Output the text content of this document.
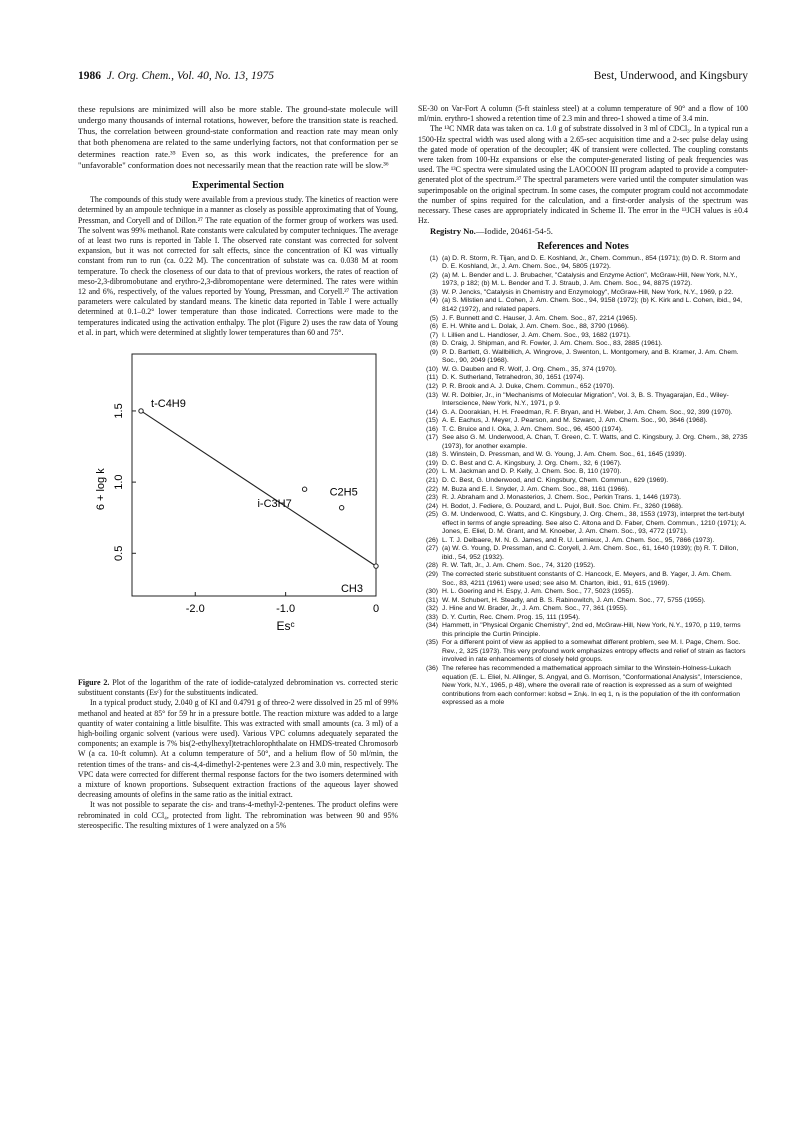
1986 J. Org. Chem., Vol. 40, No. 13, 1975	Best, Underwood, and Kingsbury

these repulsions are minimized will also be more stable. The ground-state molecule will undergo many thousands of internal rotations, however, before the transition state is reached. Thus, the correlation between ground-state conformation and reaction rate may mean only that both phenomena are related to the same underlying factors, not that conformation per se determines reaction rate.³⁵ Even so, as this work indicates, the preference for an "unfavorable" conformation does not necessarily mean that the reaction rate will be slow.³⁶

Experimental Section

The compounds of this study were available from a previous study. The kinetics of reaction were determined by an ampoule technique in a manner as closely as possible approximating that of Young, Pressman, and Coryell and of Dillon.²⁷ The rate equation of the former group of workers was used. The solvent was 99% methanol. Rate constants were calculated by computer techniques. The average of at least two runs is reported in Table I. The observed rate constant was corrected for solvent expansion, but it was not corrected for salt effects, since the concentration of KI was virtually constant from run to run (ca. 0.22 M). The concentration of substate was ca. 0.038 M at room temperature. To check the closeness of our data to that of previous workers, the rates of reaction of meso-2,3-dibromobutane and erythro-2,3-dibromopentane were determined. The rates were within 12 and 6%, respectively, of the values reported by Young, Pressman, and Coryell.²⁷ The activation parameters were calculated by standard means. The kinetic data reported in Table I were actually determined at 0.1–0.2° lower temperature than those indicated. Corrections were made to the temperatures indicated using the activation enthalpy. The plot (Figure 2) uses the raw data of Young et al. in part, which were determined at slightly lower temperatures than 60 and 75°.

-2.0	-1.0	0
0.5
1.0
1.5
6 + log k
Esᶜ
t-C4H9
i-C3H7
C2H5
CH3

Figure 2. Plot of the logarithm of the rate of iodide-catalyzed debromination vs. corrected steric substituent constants (Esᶜ) for the substituents indicated.

In a typical product study, 2.040 g of KI and 0.4791 g of threo-2 were dissolved in 25 ml of 99% methanol and heated at 85° for 59 hr in a pressure bottle. The reaction mixture was added to a large quantity of water containing a little bisulfite. This was extracted with small amounts (ca. 3 ml) of a high-boiling organic solvent (various were used). Various VPC columns adequately separated the components; an example is 7% bis(2-ethylhexyl)tetrachlorophthalate on HMDS-treated Chromosorb W (a ca. 10-ft column). At a column temperature of 50°, and a helium flow of 50 ml/min, the retention times of the trans- and cis-4,4-dimethyl-2-pentenes were 2.3 and 3.0 min, respectively. The VPC data were corrected for different thermal response factors for the two isomers determined with a mixture of known proportions. Subsequent extraction fractions of the aqueous layer showed decreasing amounts of olefins in the same ratio as the initial extract.

It was not possible to separate the cis- and trans-4-methyl-2-pentenes. The product olefins were rebrominated in cold CCl₄, protected from light. The rebromination was between 90 and 95% stereospecific. The resulting mixtures of 1 were analyzed on a 5%

SE-30 on Var-Fort A column (5-ft stainless steel) at a column temperature of 90° and a flow of 100 ml/min. erythro-1 showed a retention time of 2.3 min and threo-1 showed a time of 3.4 min.

The ¹³C NMR data was taken on ca. 1.0 g of substrate dissolved in 3 ml of CDCl₃. In a typical run a 1500-Hz spectral width was used along with a 2.65-sec acquisition time and a 2-sec pulse delay using the gated mode of operation of the decoupler; 4K of transient were collected. The coupling constants were taken from 100-Hz expansions or else the computer-generated listing of peak frequencies was used. The ¹³C spectra were simulated using the LAOCOON III program adapted to provide a computer-generated plot of the spectrum.³⁷ The spectral parameters were varied until the computer simulation was superimposable on the original spectrum. In some cases, the computer program could not accommodate the number of spins required for the calculation, and a first-order analysis of the spectrum was necessary. These cases are appropriately indicated in Scheme II. The error in the ¹³JCH values is ±0.4 Hz.

Registry No.—Iodide, 20461-54-5.

References and Notes
(1) (a) D. R. Storm, R. Tijan, and D. E. Koshland, Jr., Chem. Commun., 854 (1971); (b) D. R. Storm and D. E. Koshland, Jr., J. Am. Chem. Soc., 94, 5805 (1972).
(2) (a) M. L. Bender and L. J. Brubacher, "Catalysis and Enzyme Action", McGraw-Hill, New York, N.Y., 1973, p 182; (b) M. L. Bender and T. J. Straub, J. Am. Chem. Soc., 94, 8875 (1972).
(3) W. P. Jencks, "Catalysis in Chemistry and Enzymology", McGraw-Hill, New York, N.Y., 1969, p 22.
(4) (a) S. Milstien and L. Cohen, J. Am. Chem. Soc., 94, 9158 (1972); (b) K. Kirk and L. Cohen, ibid., 94, 8142 (1972), and related papers.
(5) J. F. Bunnett and C. Hauser, J. Am. Chem. Soc., 87, 2214 (1965).
(6) E. H. White and L. Dolak, J. Am. Chem. Soc., 88, 3790 (1966).
(7) I. Lillien and L. Handloser, J. Am. Chem. Soc., 93, 1682 (1971).
(8) D. Craig, J. Shipman, and R. Fowler, J. Am. Chem. Soc., 83, 2885 (1961).
(9) P. D. Bartlett, G. Wallbillich, A. Wingrove, J. Swenton, L. Montgomery, and B. Kramer, J. Am. Chem. Soc., 90, 2049 (1968).
(10) W. G. Dauben and R. Wolf, J. Org. Chem., 35, 374 (1970).
(11) D. K. Sutherland, Tetrahedron, 30, 1651 (1974).
(12) P. R. Brook and A. J. Duke, Chem. Commun., 652 (1970).
(13) W. R. Dolbier, Jr., in "Mechanisms of Molecular Migration", Vol. 3, B. S. Thyagarajan, Ed., Wiley-Interscience, New York, N.Y., 1971, p 9.
(14) G. A. Doorakian, H. H. Freedman, R. F. Bryan, and H. Weber, J. Am. Chem. Soc., 92, 399 (1970).
(15) A. E. Eachus, J. Meyer, J. Pearson, and M. Szwarc, J. Am. Chem. Soc., 90, 3646 (1968).
(16) T. C. Bruice and I. Oka, J. Am. Chem. Soc., 96, 4500 (1974).
(17) See also G. M. Underwood, A. Chan, T. Green, C. T. Watts, and C. Kingsbury, J. Org. Chem., 38, 2735 (1973), for another example.
(18) S. Winstein, D. Pressman, and W. G. Young, J. Am. Chem. Soc., 61, 1645 (1939).
(19) D. C. Best and C. A. Kingsbury, J. Org. Chem., 32, 6 (1967).
(20) L. M. Jackman and D. P. Kelly, J. Chem. Soc. B, 110 (1970).
(21) D. C. Best, G. Underwood, and C. Kingsbury, Chem. Commun., 629 (1969).
(22) M. Buza and E. I. Snyder, J. Am. Chem. Soc., 88, 1161 (1966).
(23) R. J. Abraham and J. Monasterios, J. Chem. Soc., Perkin Trans. 1, 1446 (1973).
(24) H. Bodot, J. Fediere, G. Pouzard, and L. Pujol, Bull. Soc. Chim. Fr., 3260 (1968).
(25) G. M. Underwood, C. Watts, and C. Kingsbury, J. Org. Chem., 38, 1553 (1973), interpret the tert-butyl effect in terms of angle spreading. See also C. Altona and D. Faber, Chem. Commun., 1210 (1971); A. Jones, E. Eliel, D. M. Grant, and M. Knoeber, J. Am. Chem. Soc., 93, 4772 (1971).
(26) L. T. J. Delbaere, M. N. G. James, and R. U. Lemieux, J. Am. Chem. Soc., 95, 7866 (1973).
(27) (a) W. G. Young, D. Pressman, and C. Coryell, J. Am. Chem. Soc., 61, 1640 (1939); (b) R. T. Dillon, ibid., 54, 952 (1932).
(28) R. W. Taft, Jr., J. Am. Chem. Soc., 74, 3120 (1952).
(29) The corrected steric substituent constants of C. Hancock, E. Meyers, and B. Yager, J. Am. Chem. Soc., 83, 4211 (1961) were used; see also M. Charton, ibid., 91, 615 (1969).
(30) H. L. Goering and H. Espy, J. Am. Chem. Soc., 77, 5023 (1955).
(31) W. M. Schubert, H. Steadly, and B. S. Rabinowitch, J. Am. Chem. Soc., 77, 5755 (1955).
(32) J. Hine and W. Brader, Jr., J. Am. Chem. Soc., 77, 361 (1955).
(33) D. Y. Curtin, Rec. Chem. Prog. 15, 111 (1954).
(34) Hammett, in "Physical Organic Chemistry", 2nd ed, McGraw-Hill, New York, N.Y., 1970, p 119, terms this principle the Curtin Principle.
(35) For a different point of view as applied to a somewhat different problem, see M. I. Page, Chem. Soc. Rev., 2, 325 (1973). This very profound work emphasizes entropy effects and relief of strain as factors involved in rate enhancements of closely held groups.
(36) The referee has recommended a mathematical approach similar to the Winstein-Holness-Lukach equation (E. L. Eliel, N. Allinger, S. Angyal, and G. Morrison, "Conformational Analysis", Interscience, New York, N.Y., 1965, p 48), where the overall rate of reaction is expressed as a sum of weighted contributions from each conformer: kobsd = Σnᵢkᵢ. In eq 1, nᵢ is the population of the ith conformation expressed as a mole
